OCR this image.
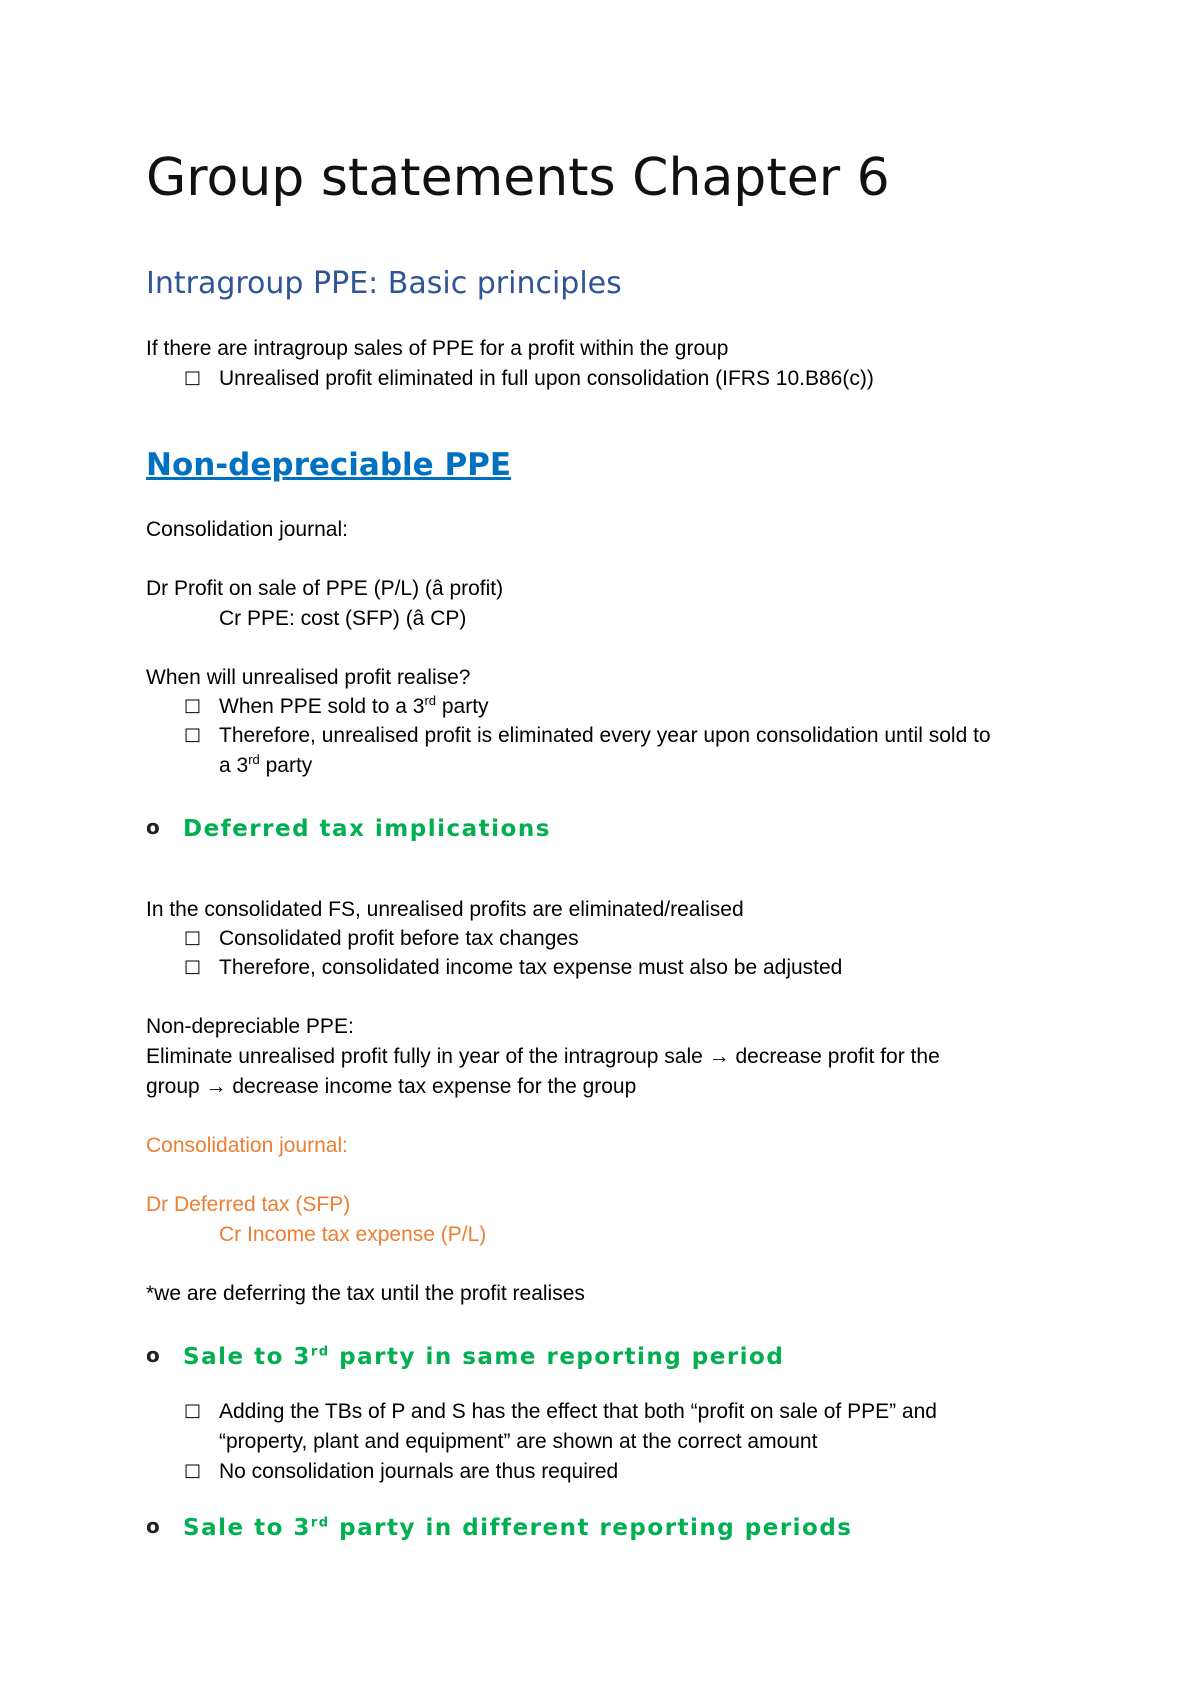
Group statements Chapter 6
Intragroup PPE: Basic principles
If there are intragroup sales of PPE for a profit within the group
□ Unrealised profit eliminated in full upon consolidation (IFRS 10.B86(c))
Non-depreciable PPE
Consolidation journal:
Dr Profit on sale of PPE (P/L) (â profit)
Cr PPE: cost (SFP) (â CP)
When will unrealised profit realise?
□ When PPE sold to a 3rd party
□ Therefore, unrealised profit is eliminated every year upon consolidation until sold to
a 3rd party
o Deferred tax implications
In the consolidated FS, unrealised profits are eliminated/realised
□ Consolidated profit before tax changes
□ Therefore, consolidated income tax expense must also be adjusted
Non-depreciable PPE:
Eliminate unrealised profit fully in year of the intragroup sale → decrease profit for the
group → decrease income tax expense for the group
Consolidation journal:
Dr Deferred tax (SFP)
Cr Income tax expense (P/L)
*we are deferring the tax until the profit realises
o Sale to 3rd party in same reporting period
□ Adding the TBs of P and S has the effect that both “profit on sale of PPE” and
“property, plant and equipment” are shown at the correct amount
□ No consolidation journals are thus required
o Sale to 3rd party in different reporting periods
